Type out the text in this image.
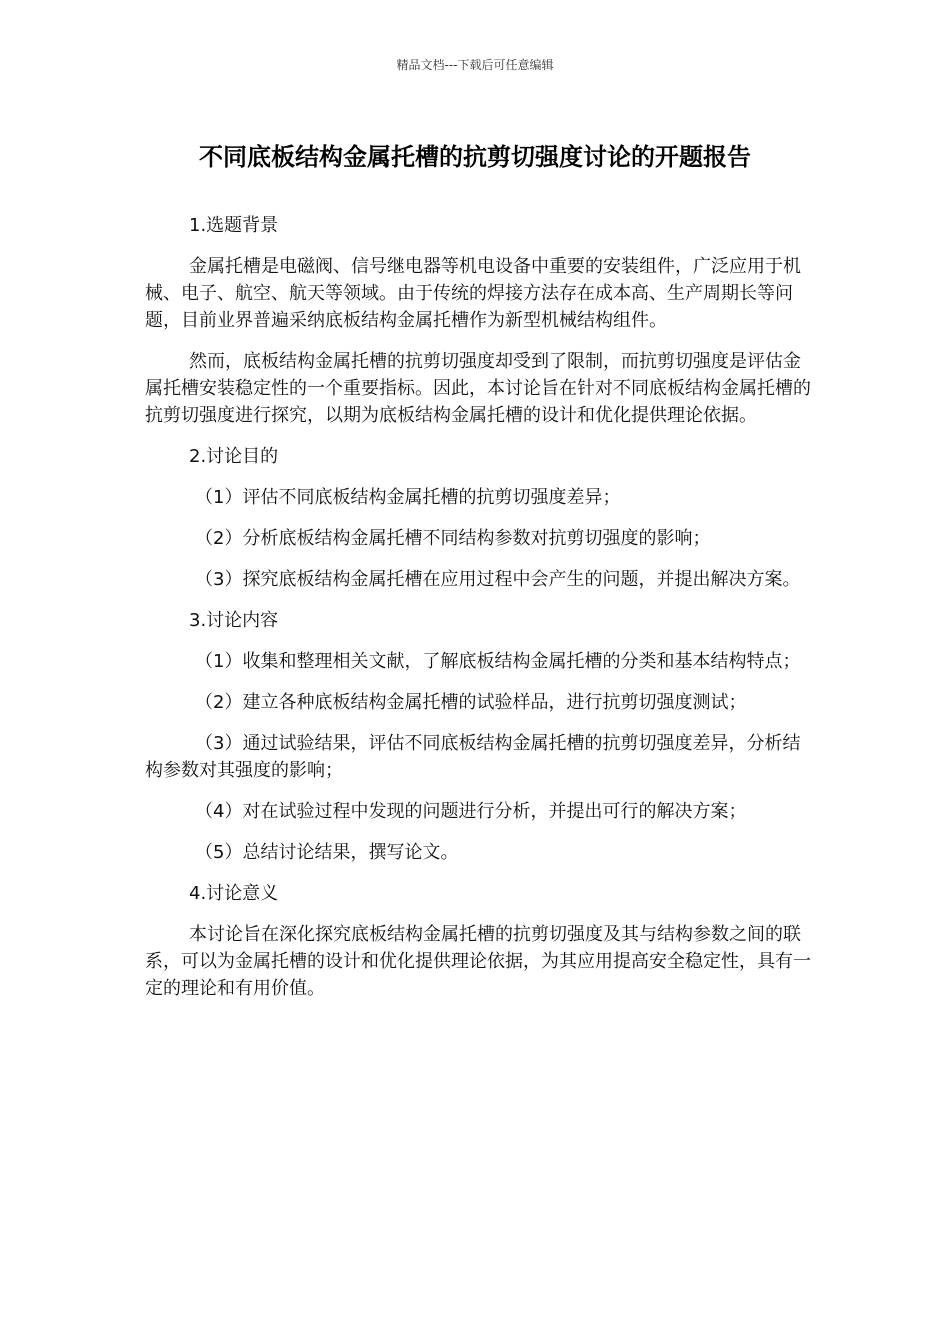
精品文档---下载后可任意编辑
不同底板结构金属托槽的抗剪切强度讨论的开题报告

1.选题背景

金属托槽是电磁阀、信号继电器等机电设备中重要的安装组件，广泛应用于机械、电子、航空、航天等领域。由于传统的焊接方法存在成本高、生产周期长等问题，目前业界普遍采纳底板结构金属托槽作为新型机械结构组件。

然而，底板结构金属托槽的抗剪切强度却受到了限制，而抗剪切强度是评估金属托槽安装稳定性的一个重要指标。因此，本讨论旨在针对不同底板结构金属托槽的抗剪切强度进行探究，以期为底板结构金属托槽的设计和优化提供理论依据。

2.讨论目的

（1）评估不同底板结构金属托槽的抗剪切强度差异；

（2）分析底板结构金属托槽不同结构参数对抗剪切强度的影响；

（3）探究底板结构金属托槽在应用过程中会产生的问题，并提出解决方案。

3.讨论内容

（1）收集和整理相关文献，了解底板结构金属托槽的分类和基本结构特点；

（2）建立各种底板结构金属托槽的试验样品，进行抗剪切强度测试；

（3）通过试验结果，评估不同底板结构金属托槽的抗剪切强度差异，分析结构参数对其强度的影响；

（4）对在试验过程中发现的问题进行分析，并提出可行的解决方案；

（5）总结讨论结果，撰写论文。

4.讨论意义

本讨论旨在深化探究底板结构金属托槽的抗剪切强度及其与结构参数之间的联系，可以为金属托槽的设计和优化提供理论依据，为其应用提高安全稳定性，具有一定的理论和有用价值。
